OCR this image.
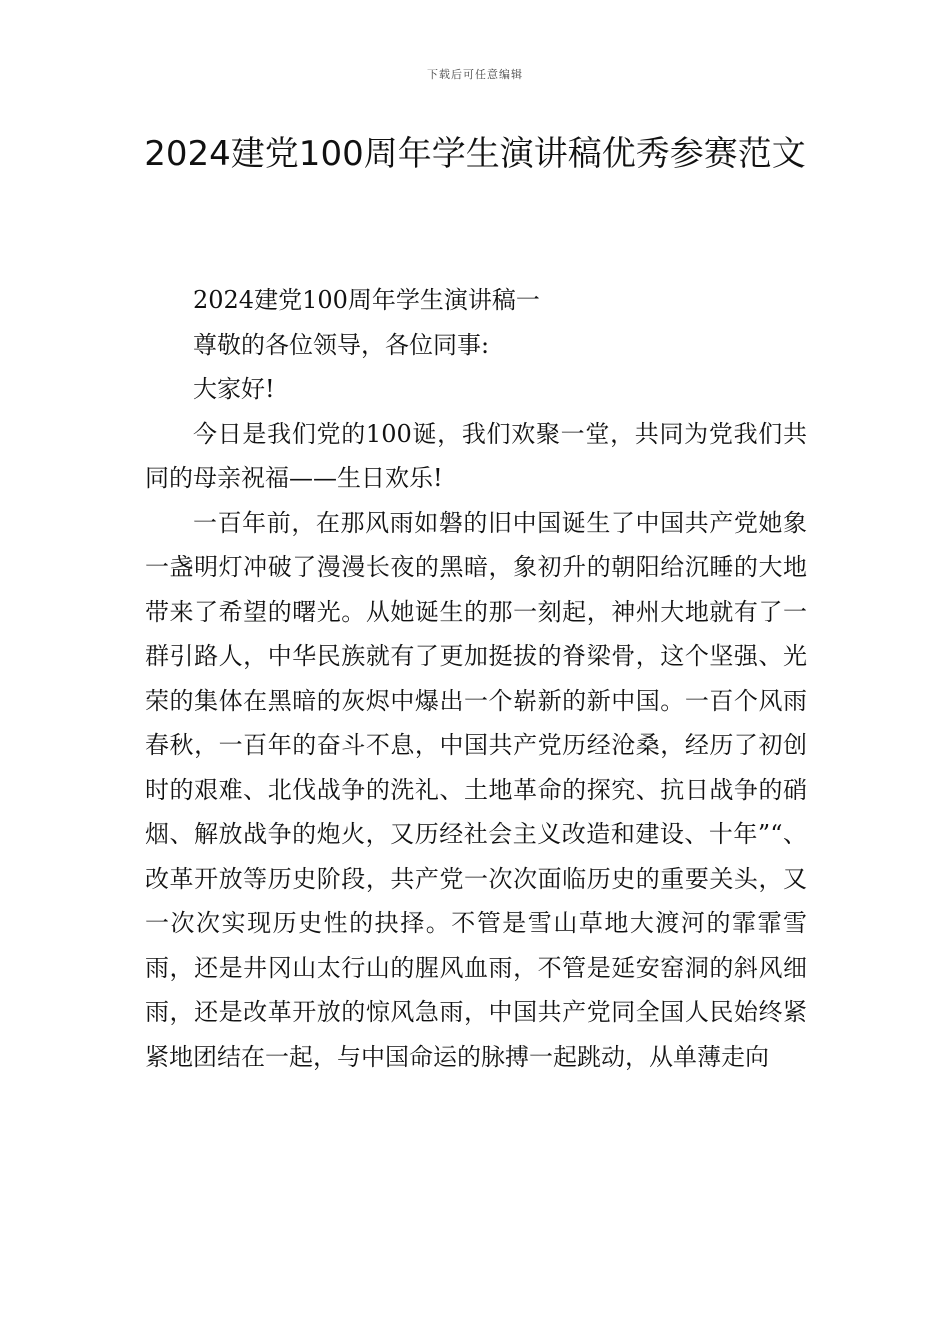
下载后可任意编辑
2024建党100周年学生演讲稿优秀参赛范文

2024建党100周年学生演讲稿一

尊敬的各位领导，各位同事:

大家好!

今日是我们党的100诞，我们欢聚一堂，共同为党我们共同的母亲祝福——生日欢乐!

一百年前，在那风雨如磐的旧中国诞生了中国共产党她象一盏明灯冲破了漫漫长夜的黑暗，象初升的朝阳给沉睡的大地带来了希望的曙光。从她诞生的那一刻起，神州大地就有了一群引路人，中华民族就有了更加挺拔的脊梁骨，这个坚强、光荣的集体在黑暗的灰烬中爆出一个崭新的新中国。一百个风雨春秋，一百年的奋斗不息，中国共产党历经沧桑，经历了初创时的艰难、北伐战争的洗礼、土地革命的探究、抗日战争的硝烟、解放战争的炮火，又历经社会主义改造和建设、十年”“、改革开放等历史阶段，共产党一次次面临历史的重要关头，又一次次实现历史性的抉择。不管是雪山草地大渡河的霏霏雪雨，还是井冈山太行山的腥风血雨，不管是延安窑洞的斜风细雨，还是改革开放的惊风急雨，中国共产党同全国人民始终紧紧地团结在一起，与中国命运的脉搏一起跳动，从单薄走向
